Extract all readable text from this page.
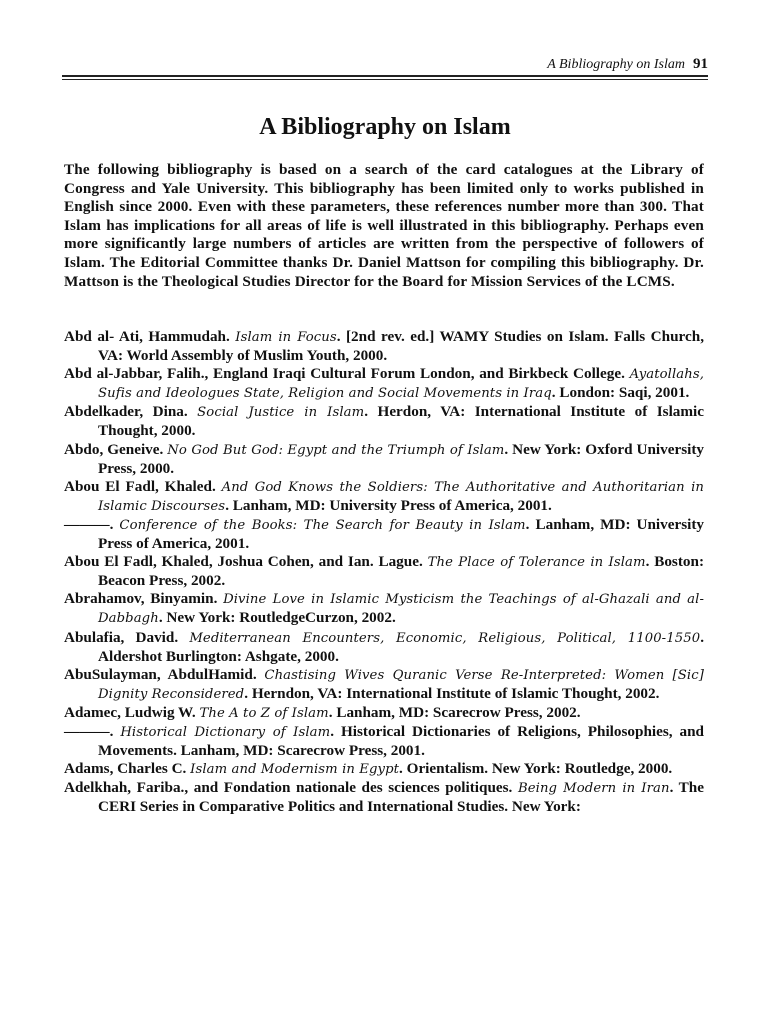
A Bibliography on Islam 91
A Bibliography on Islam

The following bibliography is based on a search of the card catalogues at the Library of Congress and Yale University. This bibliography has been limited only to works published in English since 2000. Even with these parameters, these references number more than 300. That Islam has implications for all areas of life is well illustrated in this bibliography. Perhaps even more significantly large numbers of articles are written from the perspective of followers of Islam. The Editorial Committee thanks Dr. Daniel Mattson for compiling this bibliography. Dr. Mattson is the Theological Studies Director for the Board for Mission Services of the LCMS.

Abd al- Ati, Hammudah. Islam in Focus. [2nd rev. ed.] WAMY Studies on Islam. Falls Church, VA: World Assembly of Muslim Youth, 2000.
Abd al-Jabbar, Falih., England Iraqi Cultural Forum London, and Birkbeck College. Ayatollahs, Sufis and Ideologues State, Religion and Social Movements in Iraq. London: Saqi, 2001.
Abdelkader, Dina. Social Justice in Islam. Herdon, VA: International Institute of Islamic Thought, 2000.
Abdo, Geneive. No God But God: Egypt and the Triumph of Islam. New York: Oxford University Press, 2000.
Abou El Fadl, Khaled. And God Knows the Soldiers: The Authoritative and Authoritarian in Islamic Discourses. Lanham, MD: University Press of America, 2001.
———. Conference of the Books: The Search for Beauty in Islam. Lanham, MD: University Press of America, 2001.
Abou El Fadl, Khaled, Joshua Cohen, and Ian. Lague. The Place of Tolerance in Islam. Boston: Beacon Press, 2002.
Abrahamov, Binyamin. Divine Love in Islamic Mysticism the Teachings of al-Ghazali and al-Dabbagh. New York: RoutledgeCurzon, 2002.
Abulafia, David. Mediterranean Encounters, Economic, Religious, Political, 1100-1550. Aldershot Burlington: Ashgate, 2000.
AbuSulayman, AbdulHamid. Chastising Wives Quranic Verse Re-Interpreted: Women [Sic] Dignity Reconsidered. Herndon, VA: International Institute of Islamic Thought, 2002.
Adamec, Ludwig W. The A to Z of Islam. Lanham, MD: Scarecrow Press, 2002.
———. Historical Dictionary of Islam. Historical Dictionaries of Religions, Philosophies, and Movements. Lanham, MD: Scarecrow Press, 2001.
Adams, Charles C. Islam and Modernism in Egypt. Orientalism. New York: Routledge, 2000.
Adelkhah, Fariba., and Fondation nationale des sciences politiques. Being Modern in Iran. The CERI Series in Comparative Politics and International Studies. New York:
